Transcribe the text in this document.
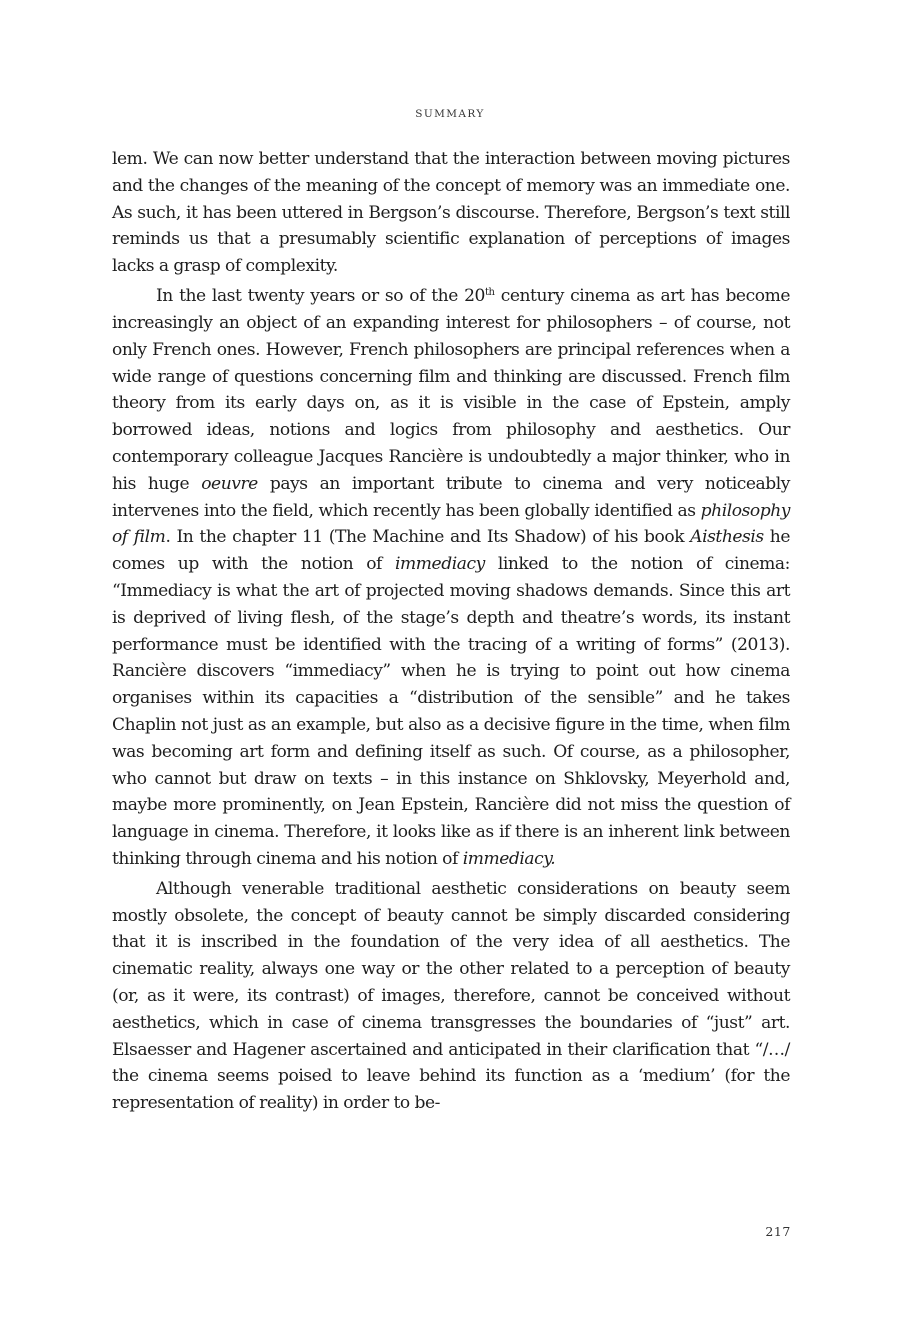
SUMMARY

lem. We can now better understand that the interaction between moving pictures and the changes of the meaning of the concept of memory was an immediate one. As such, it has been uttered in Bergson’s discourse. Therefore, Bergson’s text still reminds us that a presumably scientific explanation of perceptions of images lacks a grasp of complexity.

In the last twenty years or so of the 20th century cinema as art has become increasingly an object of an expanding interest for philosophers – of course, not only French ones. However, French philosophers are principal references when a wide range of questions concerning film and thinking are discussed. French film theory from its early days on, as it is visible in the case of Epstein, amply borrowed ideas, notions and logics from philosophy and aesthetics. Our contemporary colleague Jacques Rancière is undoubtedly a major thinker, who in his huge oeuvre pays an important tribute to cinema and very noticeably intervenes into the field, which recently has been globally identified as philosophy of film. In the chapter 11 (The Machine and Its Shadow) of his book Aisthesis he comes up with the notion of immediacy linked to the notion of cinema: “Immediacy is what the art of projected moving shadows demands. Since this art is deprived of living flesh, of the stage’s depth and theatre’s words, its instant performance must be identified with the tracing of a writing of forms” (2013). Rancière discovers “immediacy” when he is trying to point out how cinema organises within its capacities a “distribution of the sensible” and he takes Chaplin not just as an example, but also as a decisive figure in the time, when film was becoming art form and defining itself as such. Of course, as a philosopher, who cannot but draw on texts – in this instance on Shklovsky, Meyerhold and, maybe more prominently, on Jean Epstein, Rancière did not miss the question of language in cinema. Therefore, it looks like as if there is an inherent link between thinking through cinema and his notion of immediacy.

Although venerable traditional aesthetic considerations on beauty seem mostly obsolete, the concept of beauty cannot be simply discarded considering that it is inscribed in the foundation of the very idea of all aesthetics. The cinematic reality, always one way or the other related to a perception of beauty (or, as it were, its contrast) of images, therefore, cannot be conceived without aesthetics, which in case of cinema transgresses the boundaries of “just” art. Elsaesser and Hagener ascertained and anticipated in their clarification that “/…/ the cinema seems poised to leave behind its function as a ‘medium’ (for the representation of reality) in order to be-

217
